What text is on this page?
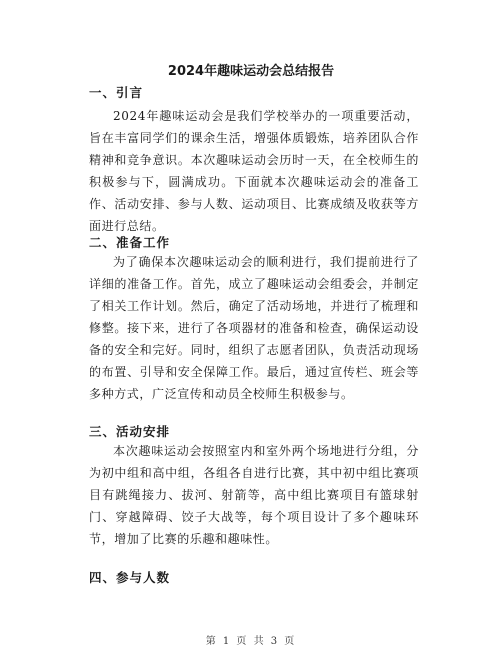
2024年趣味运动会总结报告
一、引言
2024年趣味运动会是我们学校举办的一项重要活动，旨在丰富同学们的课余生活，增强体质锻炼，培养团队合作精神和竞争意识。本次趣味运动会历时一天，在全校师生的积极参与下，圆满成功。下面就本次趣味运动会的准备工作、活动安排、参与人数、运动项目、比赛成绩及收获等方面进行总结。
二、准备工作
为了确保本次趣味运动会的顺利进行，我们提前进行了详细的准备工作。首先，成立了趣味运动会组委会，并制定了相关工作计划。然后，确定了活动场地，并进行了梳理和修整。接下来，进行了各项器材的准备和检查，确保运动设备的安全和完好。同时，组织了志愿者团队，负责活动现场的布置、引导和安全保障工作。最后，通过宣传栏、班会等多种方式，广泛宣传和动员全校师生积极参与。
三、活动安排
本次趣味运动会按照室内和室外两个场地进行分组，分为初中组和高中组，各组各自进行比赛，其中初中组比赛项目有跳绳接力、拔河、射箭等，高中组比赛项目有篮球射门、穿越障碍、饺子大战等，每个项目设计了多个趣味环节，增加了比赛的乐趣和趣味性。
四、参与人数
第 1 页 共 3 页
